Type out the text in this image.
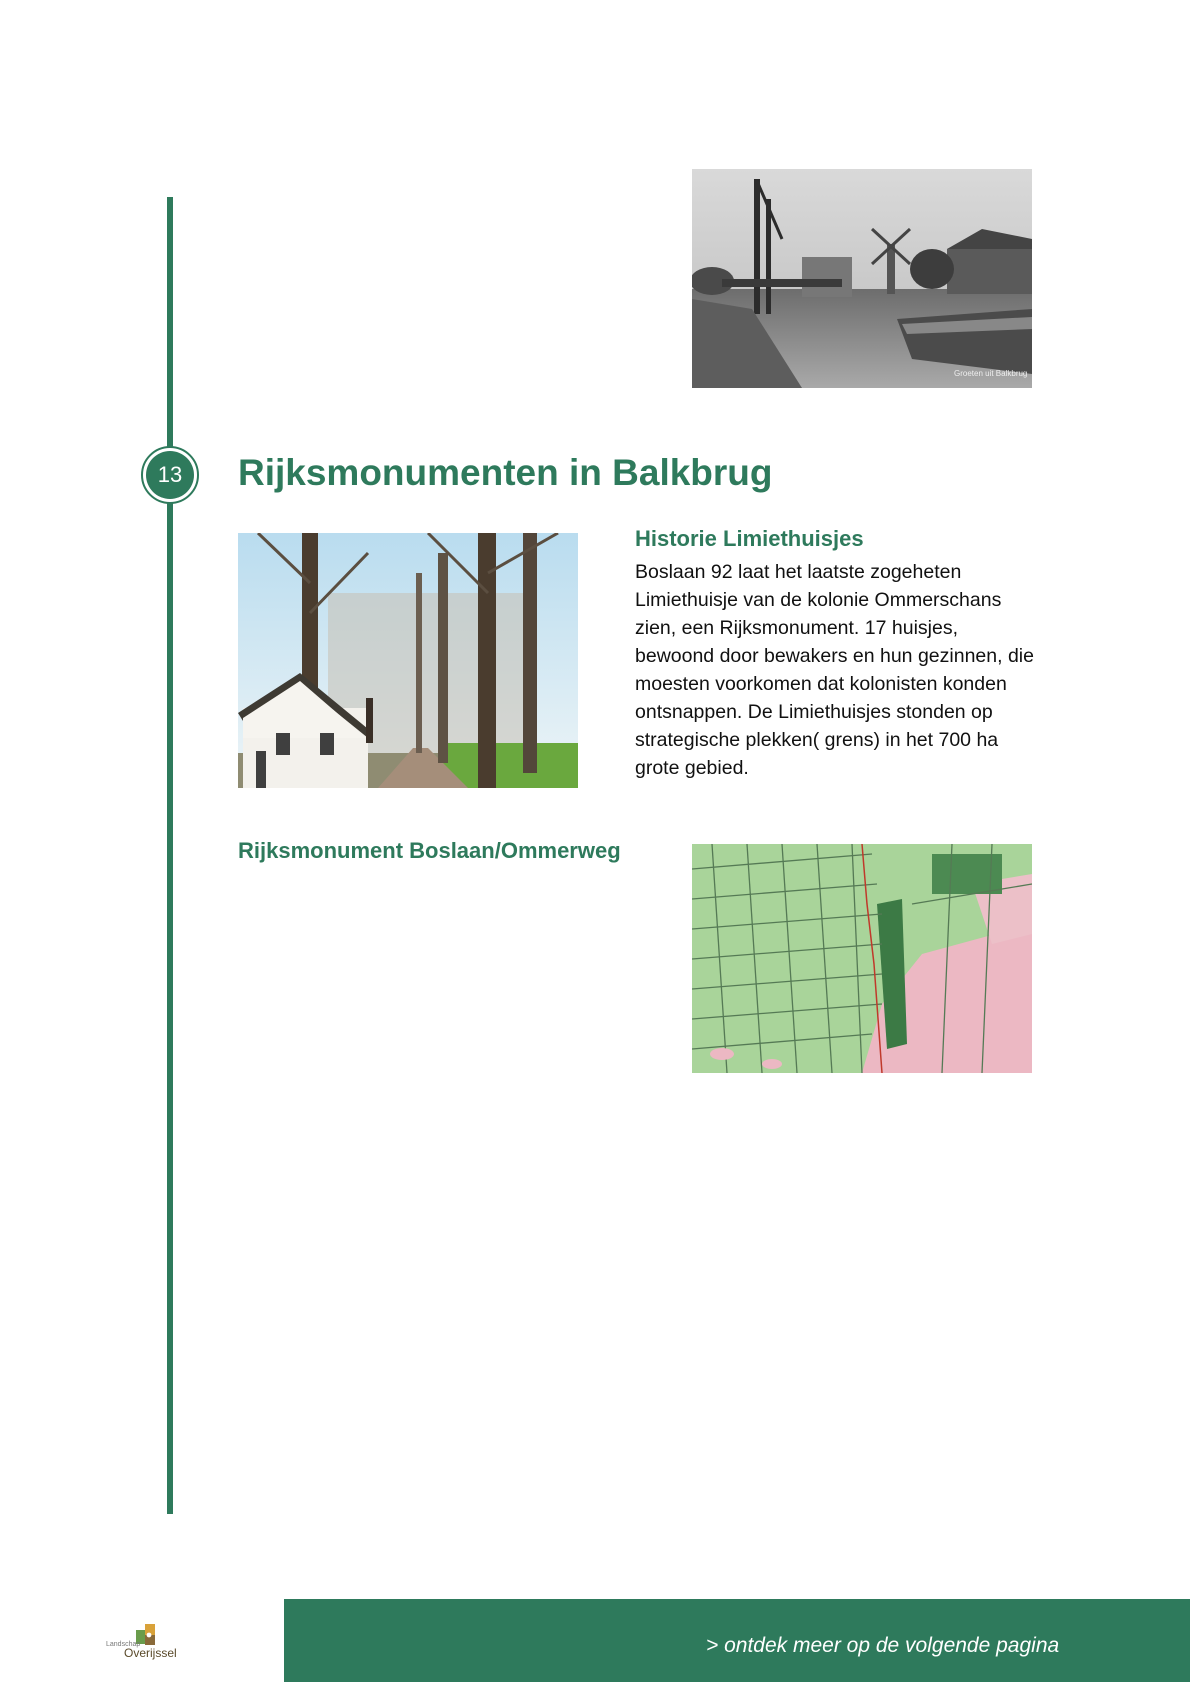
13	Rijksmonumenten in Balkbrug
Groeten uit Balkbrug
Historie Limiethuisjes

Boslaan 92 laat het laatste zogeheten Limiethuisje van de kolonie Ommerschans zien, een Rijksmonument. 17 huisjes, bewoond door bewakers en hun gezinnen, die moesten voorkomen dat kolonisten konden ontsnappen. De Limiethuisjes stonden op strategische plekken( grens) in het 700 ha grote gebied.

Rijksmonument Boslaan/Ommerweg
> ontdek meer op de volgende pagina
Landschap
Overijssel
